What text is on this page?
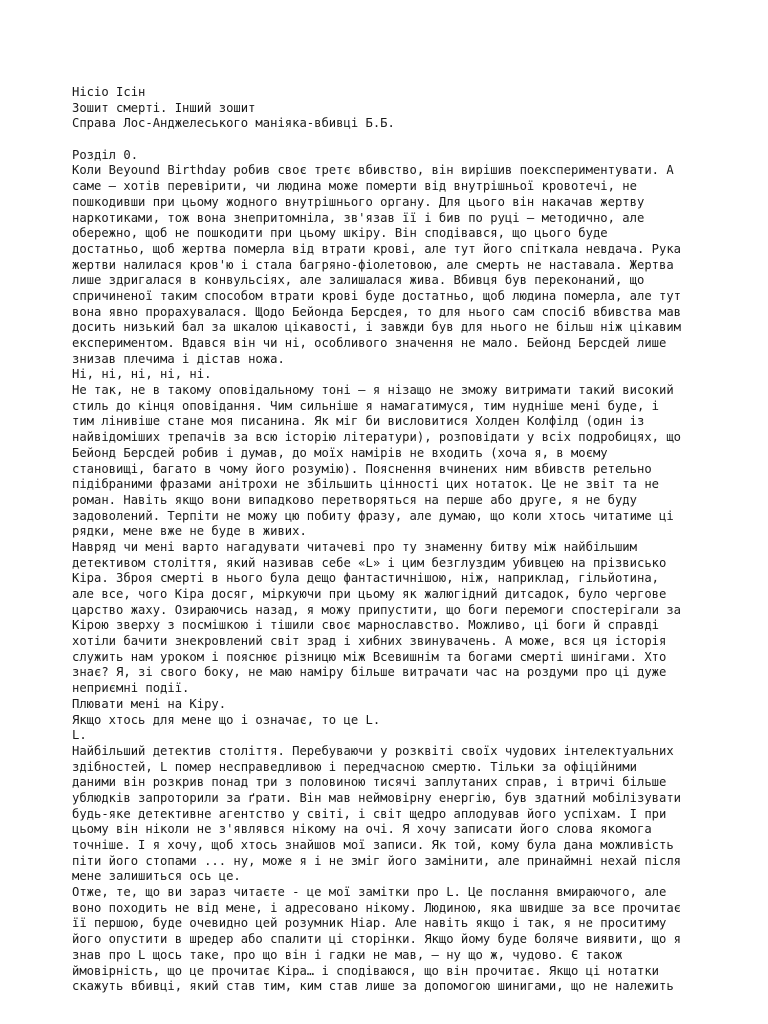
Нісіо Ісін
Зошит смерті. Інший зошит
Справа Лос-Анджелеського маніяка-вбивці Б.Б.
Розділ 0.
Коли Beyound Birthday робив своє третє вбивство, він вирішив поекспериментувати. А
саме — хотів перевірити, чи людина може померти від внутрішньої кровотечі, не
пошкодивши при цьому жодного внутрішнього органу. Для цього він накачав жертву
наркотиками, тож вона знепритомніла, зв'язав її і бив по руці — методично, але
обережно, щоб не пошкодити при цьому шкіру. Він сподівався, що цього буде
достатньо, щоб жертва померла від втрати крові, але тут його спіткала невдача. Рука
жертви налилася кров'ю і стала багряно-фіолетовою, але смерть не наставала. Жертва
лише здригалася в конвульсіях, але залишалася жива. Вбивця був переконаний, що
спричиненої таким способом втрати крові буде достатньо, щоб людина померла, але тут
вона явно прорахувалася. Щодо Бейонда Берсдея, то для нього сам спосіб вбивства мав
досить низький бал за шкалою цікавості, і завжди був для нього не більш ніж цікавим
експериментом. Вдався він чи ні, особливого значення не мало. Бейонд Берсдей лише
знизав плечима і дістав ножа.
Ні, ні, ні, ні, ні.
Не так, не в такому оповідальному тоні — я нізащо не зможу витримати такий високий
стиль до кінця оповідання. Чим сильніше я намагатимуся, тим нудніше мені буде, і
тим лінивіше стане моя писанина. Як міг би висловитися Холден Колфілд (один із
найвідоміших трепачів за всю історію літератури), розповідати у всіх подробицях, що
Бейонд Берсдей робив і думав, до моїх намірів не входить (хоча я, в моєму
становищі, багато в чому його розумію). Пояснення вчинених ним вбивств ретельно
підібраними фразами анітрохи не збільшить цінності цих нотаток. Це не звіт та не
роман. Навіть якщо вони випадково перетворяться на перше або друге, я не буду
задоволений. Терпіти не можу цю побиту фразу, але думаю, що коли хтось читатиме ці
рядки, мене вже не буде в живих.
Навряд чи мені варто нагадувати читачеві про ту знаменну битву між найбільшим
детективом століття, який називав себе «L» і цим безглуздим убивцею на прізвисько
Кіра. Зброя смерті в нього була дещо фантастичнішою, ніж, наприклад, гільйотина,
але все, чого Кіра досяг, міркуючи при цьому як жалюгідний дитсадок, було чергове
царство жаху. Озираючись назад, я можу припустити, що боги перемоги спостерігали за
Кірою зверху з посмішкою і тішили своє марнославство. Можливо, ці боги й справді
хотіли бачити знекровлений світ зрад і хибних звинувачень. А може, вся ця історія
служить нам уроком і пояснює різницю між Всевишнім та богами смерті шинігами. Хто
знає? Я, зі свого боку, не маю наміру більше витрачати час на роздуми про ці дуже
неприємні події.
Плювати мені на Кіру.
Якщо хтось для мене що і означає, то це L.
L.
Найбільший детектив століття. Перебуваючи у розквіті своїх чудових інтелектуальних
здібностей, L помер несправедливою і передчасною смертю. Тільки за офіційними
даними він розкрив понад три з половиною тисячі заплутаних справ, і втричі більше
ублюдків запроторили за ґрати. Він мав неймовірну енергію, був здатний мобілізувати
будь-яке детективне агентство у світі, і світ щедро аплодував його успіхам. І при
цьому він ніколи не з'являвся нікому на очі. Я хочу записати його слова якомога
точніше. І я хочу, щоб хтось знайшов мої записи. Як той, кому була дана можливість
піти його стопами ... ну, може я і не зміг його замінити, але принаймні нехай після
мене залишиться ось це.
Отже, те, що ви зараз читаєте - це мої замітки про L. Це послання вмираючого, але
воно походить не від мене, і адресовано нікому. Людиною, яка швидше за все прочитає
її першою, буде очевидно цей розумник Ніар. Але навіть якщо і так, я не проситиму
його опустити в шредер або спалити ці сторінки. Якщо йому буде боляче виявити, що я
знав про L щось таке, про що він і гадки не мав, — ну що ж, чудово. Є також
ймовірність, що це прочитає Кіра… і сподіваюся, що він прочитає. Якщо ці нотатки
скажуть вбивці, який став тим, ким став лише за допомогою шинигами, що не належить
